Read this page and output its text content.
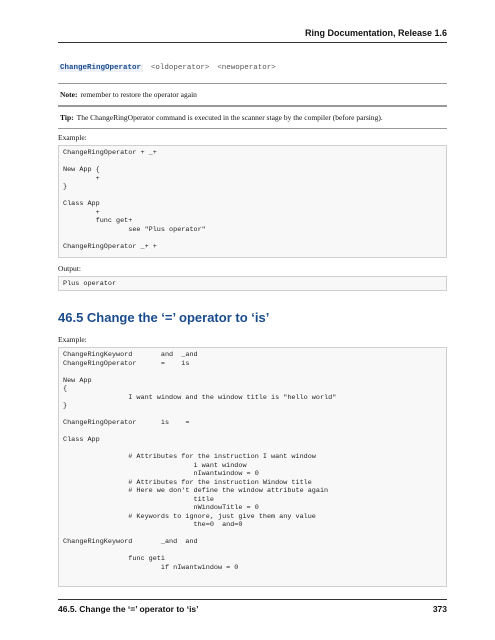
Ring Documentation, Release 1.6
ChangeRingOperator <oldoperator> <newoperator>
Note: remember to restore the operator again
Tip: The ChangeRingOperator command is executed in the scanner stage by the compiler (before parsing).
Example:
ChangeRingOperator + _+

New App {
+
}

Class App
+
func get+
see "Plus operator"

ChangeRingOperator _+ +
Output:
Plus operator
46.5 Change the ‘=’ operator to ‘is’
Example:
ChangeRingKeyword       and  _and
ChangeRingOperator      =    is

New App
{
I want window and the window title is "hello world"
}

ChangeRingOperator      is    =

Class App

# Attributes for the instruction I want window
i want window
nIwantwindow = 0
# Attributes for the instruction Window title
# Here we don't define the window attribute again
title
nWindowTitle = 0
# Keywords to ignore, just give them any value
the=0  and=0

ChangeRingKeyword       _and  and

func geti
if nIwantwindow = 0
46.5. Change the ‘=’ operator to ‘is’	373
